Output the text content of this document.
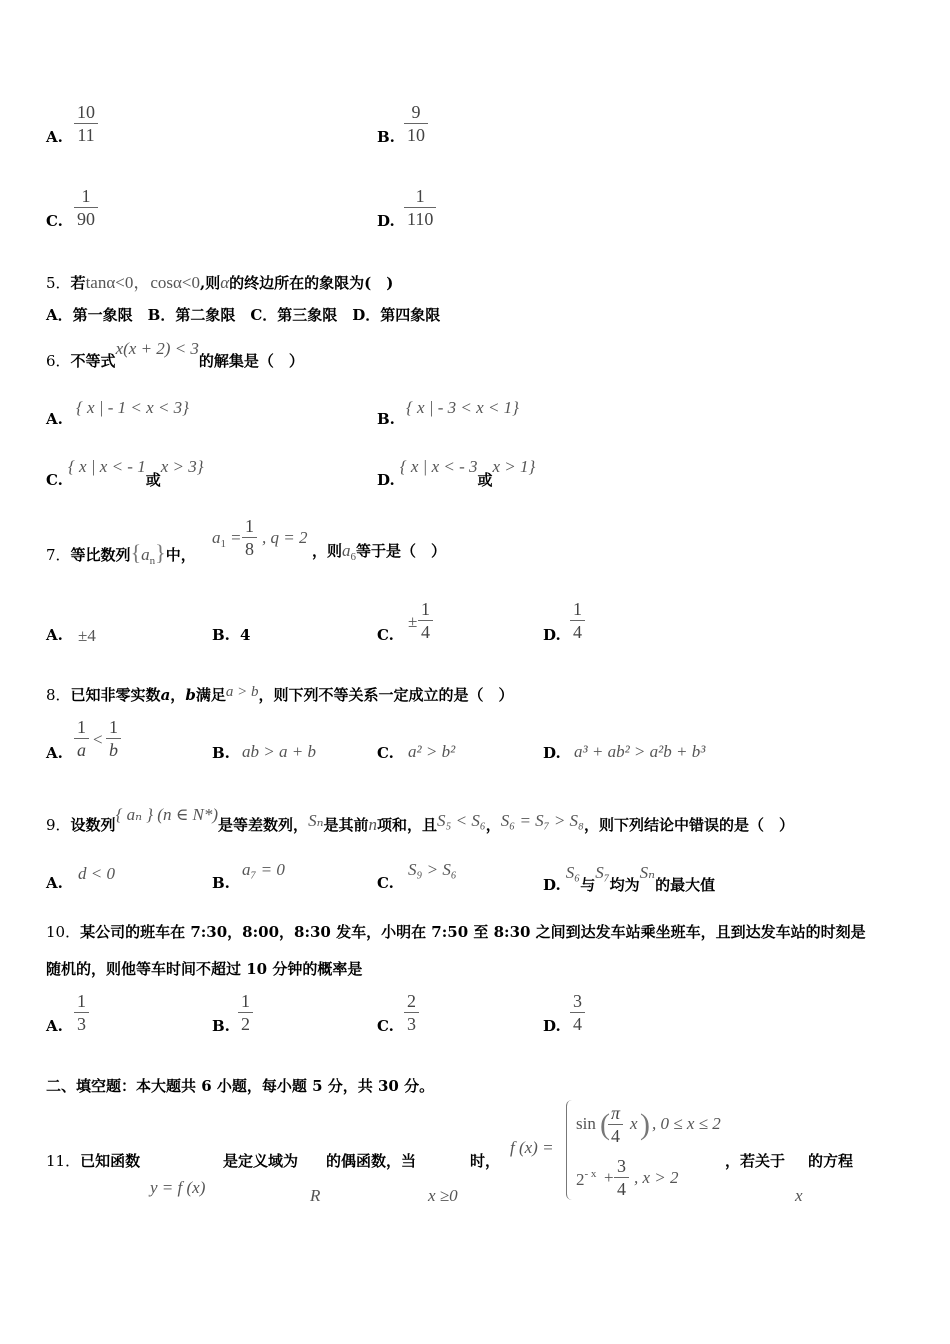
A.
10
11	B.
9
10
C.
1
90	D.
1
110
5．若tanα<0，cosα<0,则α的终边所在的象限为(　)
A．第一象限　B．第二象限　C．第三象限　D．第四象限
6．不等式x(x + 2) < 3的解集是（　）
A.
{ x | - 1 < x < 3}
B.
{ x | - 3 < x < 1}
C. { x | x < - 1或x > 3}
D. { x | x < - 3或x > 1}
7．等比数列$\{a_n\}$中，
$a_1$ =
1
8
, q = 2
，则$a_6$等于是（　）
A. ±4	B. 4	C.
±
1
4	D.
1
4
8．已知非零实数a，b满足a > b，则下列不等关系一定成立的是（　）
A.
1
a
<
1
b	B. ab > a + b	C. a² > b²	D. a³ + ab² > a²b + b³
9．设数列{ aₙ } (n ∈ N*)是等差数列，Sₙ是其前n项和，且S₅ < S₆，S₆ = S₇ > S₈，则下列结论中错误的是（　）
A. d < 0	B.
a₇ = 0
C.
S₉ > S₆
D. S₆与S₇均为Sₙ的最大值
10．某公司的班车在 7:30，8:00，8:30 发车，小明在 7:50 至 8:30 之间到达发车站乘坐班车，且到达发车站的时刻是
随机的，则他等车时间不超过 10 分钟的概率是
A.
1
3	B.
1
2	C.
2
3	D.
3
4
二、填空题：本大题共 6 小题，每小题 5 分，共 30 分。
11．已知函数	是定义域为 的偶函数，当	时，	，若关于 的方程
y = f (x)	R	x ≥0
f (x) =
sin ( π
4
x ) , 0 ≤ x ≤ 2
$2^{- x}$ +
3
4
, x > 2
x
